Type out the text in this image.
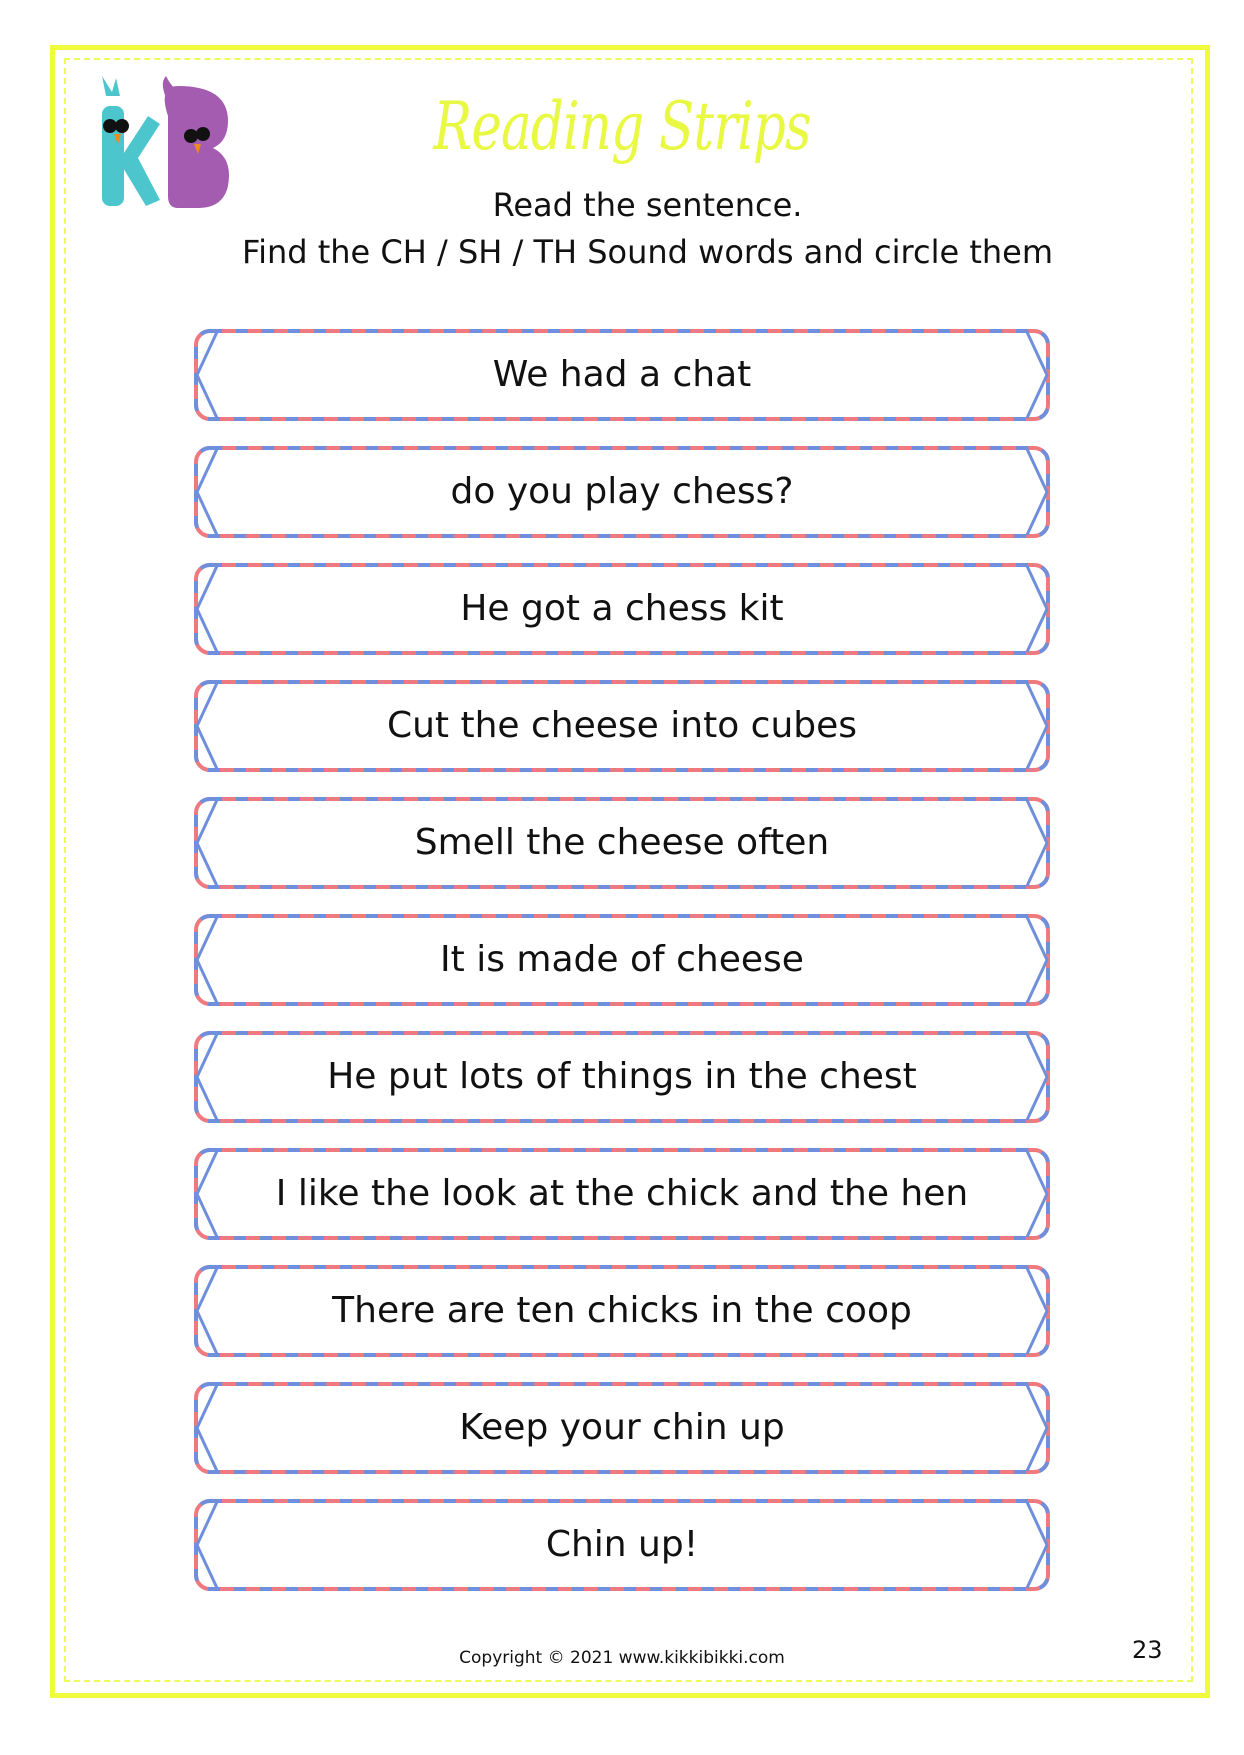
Reading Strips
Read the sentence.
Find the CH / SH / TH Sound words and circle them
We had a chat
do you play chess?
He got a chess kit
Cut the cheese into cubes
Smell the cheese often
It is made of cheese
He put lots of things in the chest
I like the look at the chick and the hen
There are ten chicks in the coop
Keep your chin up
Chin up!
Copyright © 2021 www.kikkibikki.com	23
